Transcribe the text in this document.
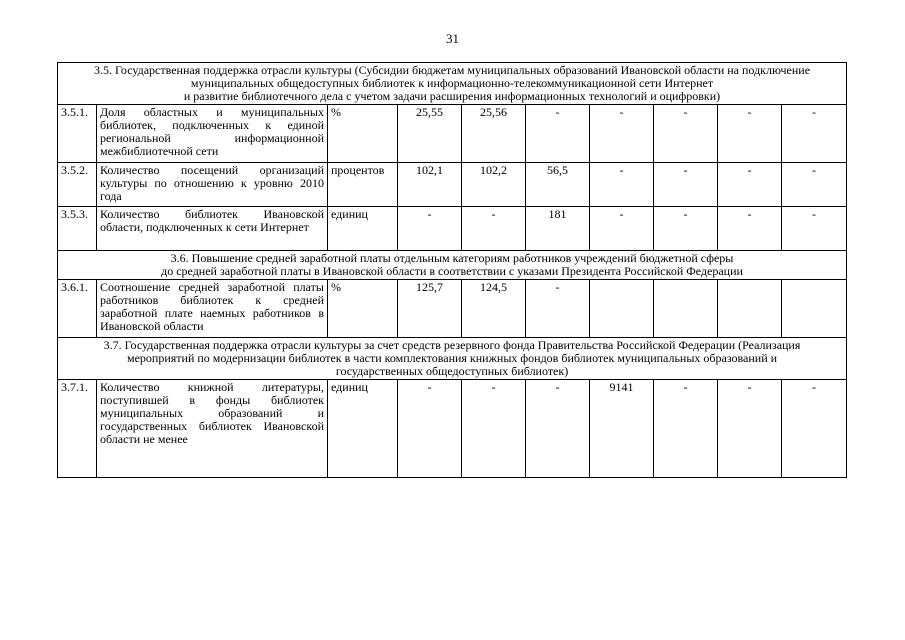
31
3.5. Государственная поддержка отрасли культуры (Субсидии бюджетам муниципальных образований Ивановской области на подключение
муниципальных общедоступных библиотек к информационно-телекоммуникационной сети Интернет
и развитие библиотечного дела с учетом задачи расширения информационных технологий и оцифровки)									

3.5.1.	Доля областных и муниципальных библиотек, подключенных к единой региональной информационной межбиблиотечной сети	%	25,55	25,56	-	-	-	-	-
3.5.2.	Количество посещений организаций культуры по отношению к уровню 2010 года	процентов	102,1	102,2	56,5	-	-	-	-
3.5.3.	Количество библиотек Ивановской области, подключенных к сети Интернет	единиц	-	-	181	-	-	-	-

3.6. Повышение средней заработной платы отдельным категориям работников учреждений бюджетной сферы
до средней заработной платы в Ивановской области в соответствии с указами Президента Российской Федерации									

3.6.1.	Соотношение средней заработной платы работников библиотек к средней заработной плате наемных работников в Ивановской области	%	125,7	124,5	-				

3.7. Государственная поддержка отрасли культуры за счет средств резервного фонда Правительства Российской Федерации (Реализация
мероприятий по модернизации библиотек в части комплектования книжных фондов библиотек муниципальных образований и
государственных общедоступных библиотек)									

3.7.1.	Количество книжной литературы, поступившей в фонды библиотек муниципальных образований и государственных библиотек Ивановской области не менее	единиц	-	-	-	9141	-	-	-
